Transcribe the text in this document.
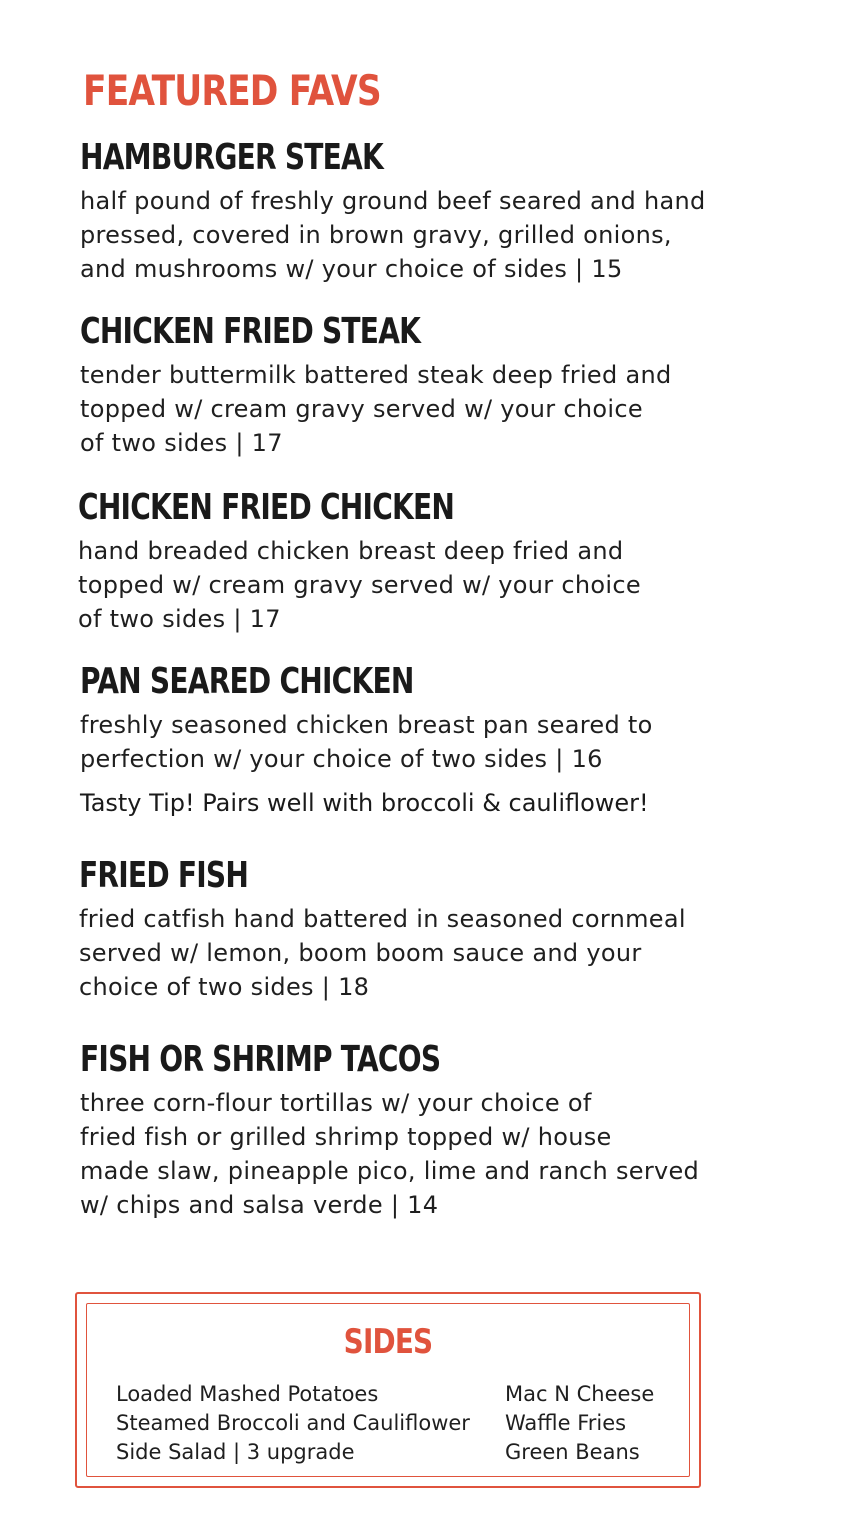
FEATURED FAVS
HAMBURGER STEAK
half pound of freshly ground beef seared and hand
pressed, covered in brown gravy, grilled onions,
and mushrooms w/ your choice of sides | 15
CHICKEN FRIED STEAK
tender buttermilk battered steak deep fried and
topped w/ cream gravy served w/ your choice
of two sides | 17
CHICKEN FRIED CHICKEN
hand breaded chicken breast deep fried and
topped w/ cream gravy served w/ your choice
of two sides | 17
PAN SEARED CHICKEN
freshly seasoned chicken breast pan seared to
perfection w/ your choice of two sides | 16
Tasty Tip! Pairs well with broccoli & cauliflower!
FRIED FISH
fried catfish hand battered in seasoned cornmeal
served w/ lemon, boom boom sauce and your
choice of two sides | 18
FISH OR SHRIMP TACOS
three corn-flour tortillas w/ your choice of
fried fish or grilled shrimp topped w/ house
made slaw, pineapple pico, lime and ranch served
w/ chips and salsa verde | 14
SIDES
Loaded Mashed Potatoes
Steamed Broccoli and Cauliflower
Side Salad | 3 upgrade
Mac N Cheese
Waffle Fries
Green Beans
